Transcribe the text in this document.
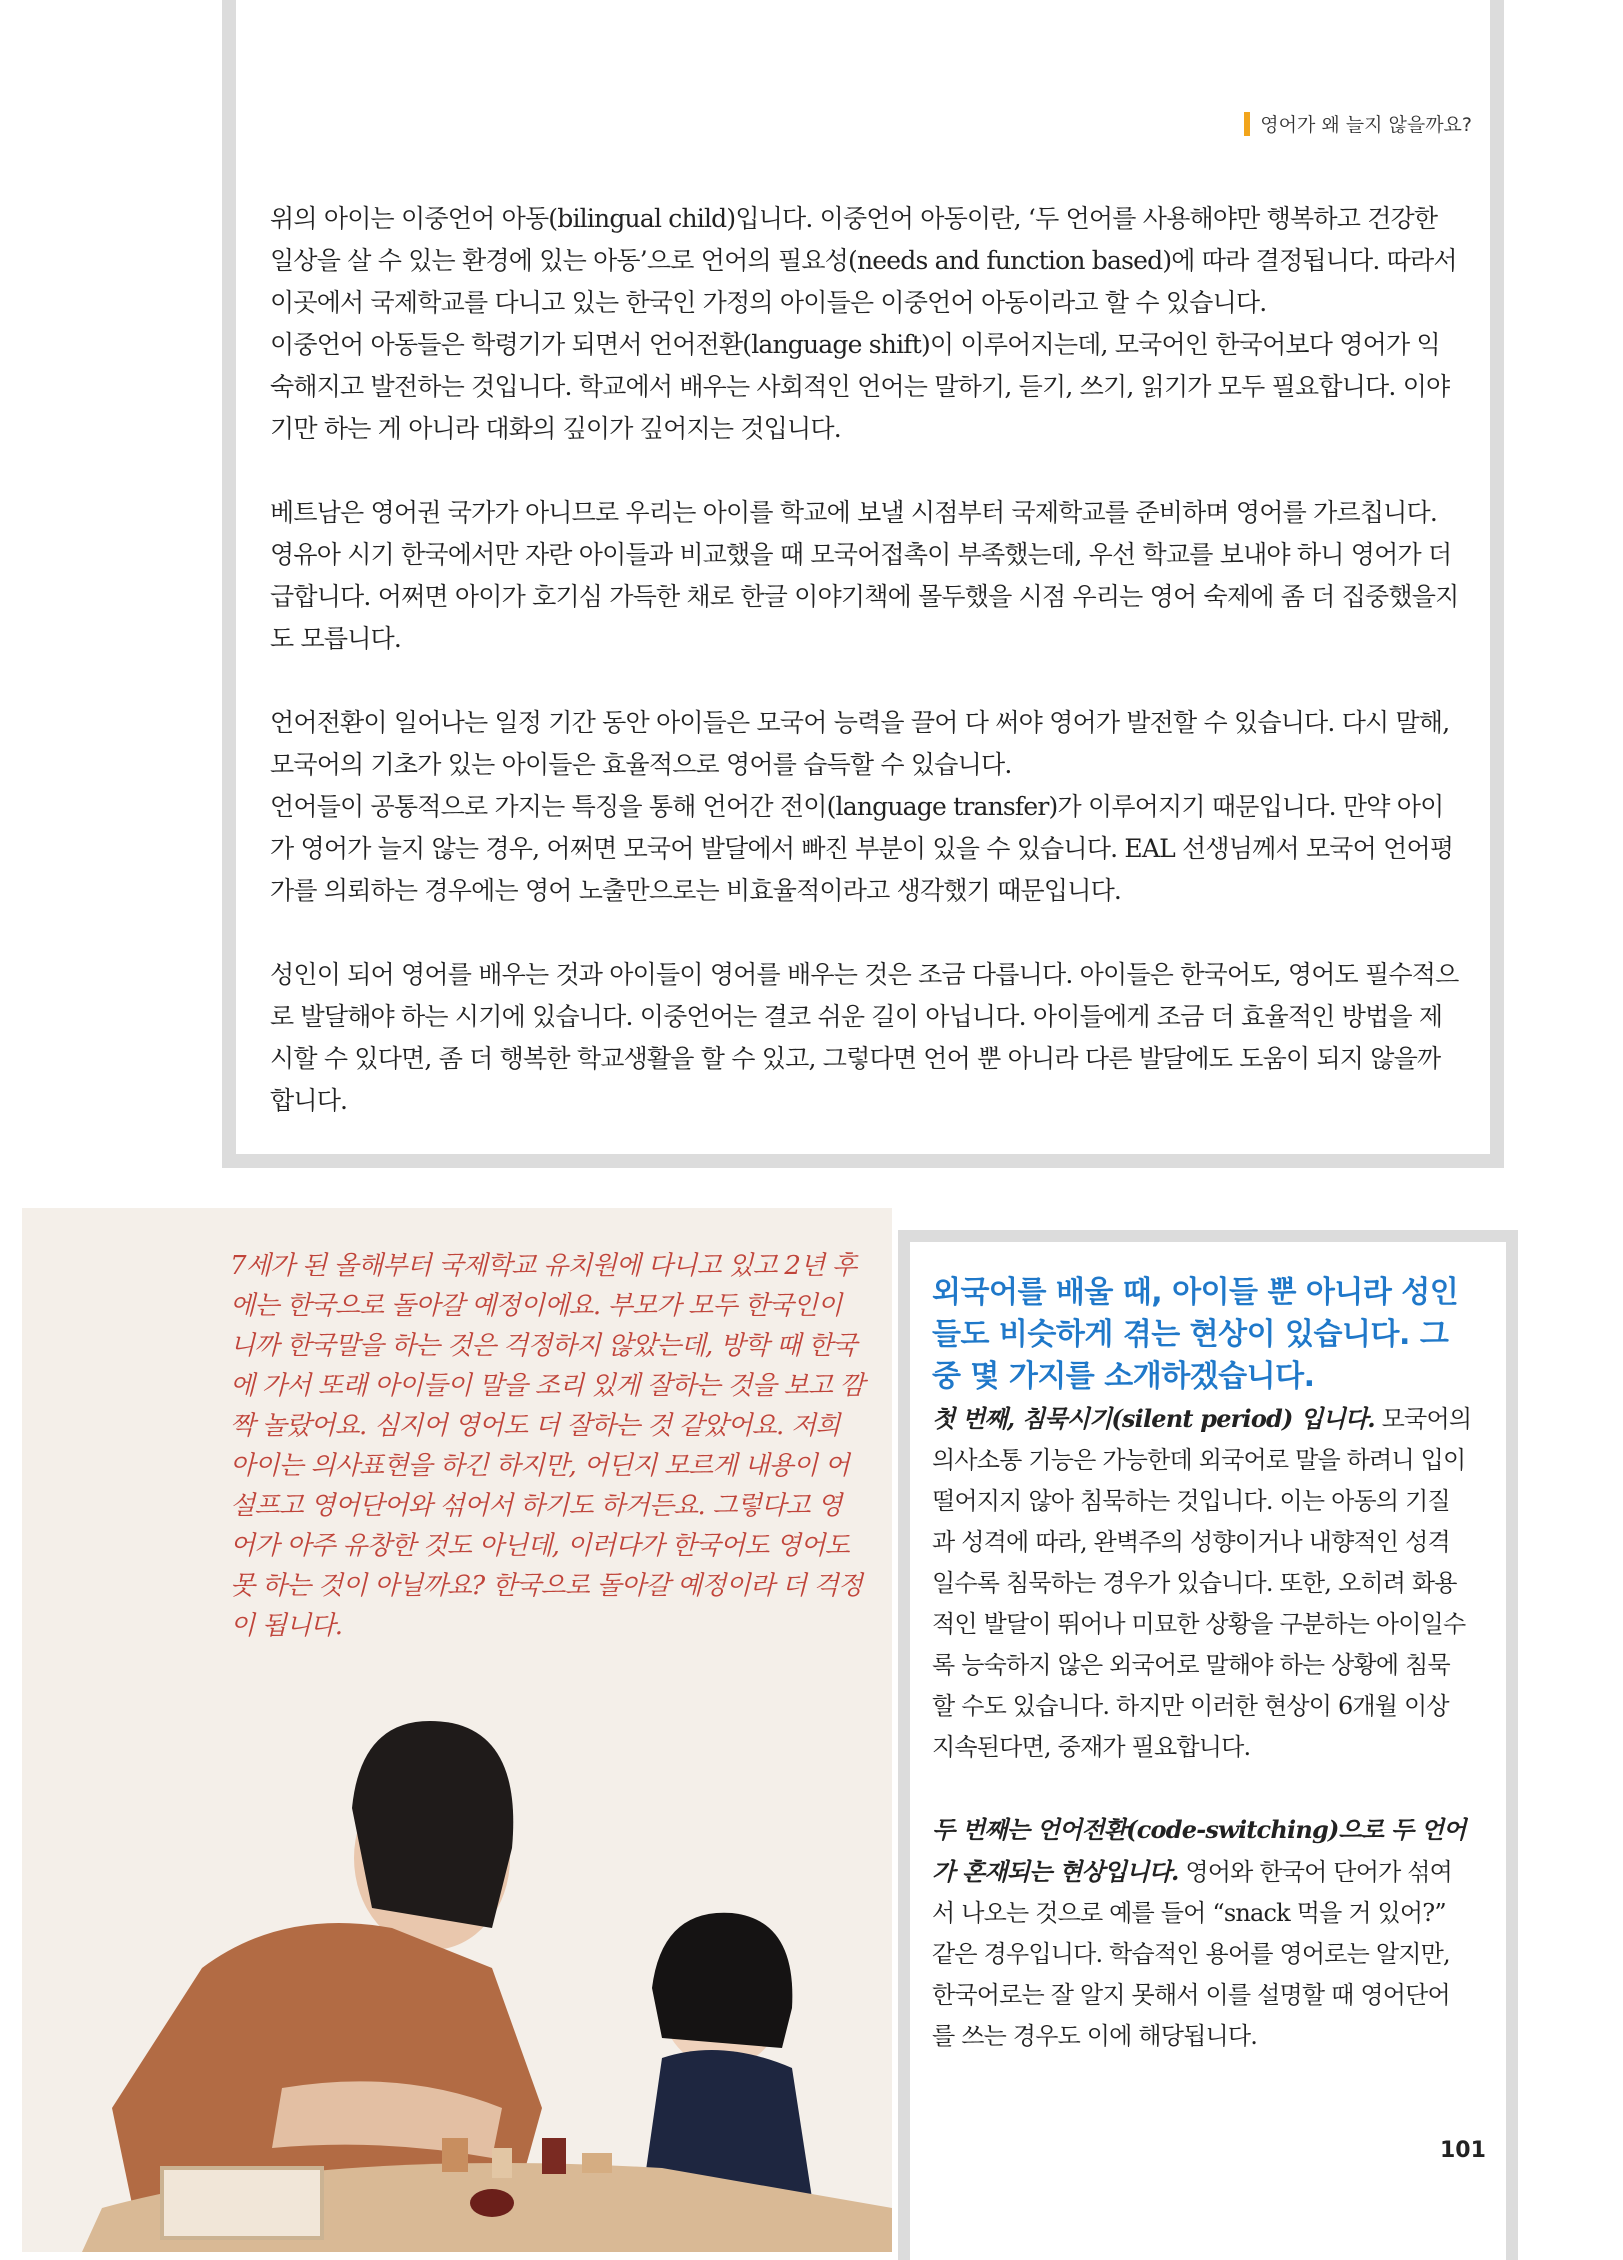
영어가 왜 늘지 않을까요?

위의 아이는 이중언어 아동(bilingual child)입니다. 이중언어 아동이란, ‘두 언어를 사용해야만 행복하고 건강한 일상을 살 수 있는 환경에 있는 아동’으로 언어의 필요성(needs and function based)에 따라 결정됩니다. 따라서 이곳에서 국제학교를 다니고 있는 한국인 가정의 아이들은 이중언어 아동이라고 할 수 있습니다.

이중언어 아동들은 학령기가 되면서 언어전환(language shift)이 이루어지는데, 모국어인 한국어보다 영어가 익숙해지고 발전하는 것입니다. 학교에서 배우는 사회적인 언어는 말하기, 듣기, 쓰기, 읽기가 모두 필요합니다. 이야기만 하는 게 아니라 대화의 깊이가 깊어지는 것입니다.

베트남은 영어권 국가가 아니므로 우리는 아이를 학교에 보낼 시점부터 국제학교를 준비하며 영어를 가르칩니다. 영유아 시기 한국에서만 자란 아이들과 비교했을 때 모국어접촉이 부족했는데, 우선 학교를 보내야 하니 영어가 더 급합니다. 어쩌면 아이가 호기심 가득한 채로 한글 이야기책에 몰두했을 시점 우리는 영어 숙제에 좀 더 집중했을지도 모릅니다.

언어전환이 일어나는 일정 기간 동안 아이들은 모국어 능력을 끌어 다 써야 영어가 발전할 수 있습니다. 다시 말해, 모국어의 기초가 있는 아이들은 효율적으로 영어를 습득할 수 있습니다.

언어들이 공통적으로 가지는 특징을 통해 언어간 전이(language transfer)가 이루어지기 때문입니다. 만약 아이가 영어가 늘지 않는 경우, 어쩌면 모국어 발달에서 빠진 부분이 있을 수 있습니다. EAL 선생님께서 모국어 언어평가를 의뢰하는 경우에는 영어 노출만으로는 비효율적이라고 생각했기 때문입니다.

성인이 되어 영어를 배우는 것과 아이들이 영어를 배우는 것은 조금 다릅니다. 아이들은 한국어도, 영어도 필수적으로 발달해야 하는 시기에 있습니다. 이중언어는 결코 쉬운 길이 아닙니다. 아이들에게 조금 더 효율적인 방법을 제시할 수 있다면, 좀 더 행복한 학교생활을 할 수 있고, 그렇다면 언어 뿐 아니라 다른 발달에도 도움이 되지 않을까 합니다.

7세가 된 올해부터 국제학교 유치원에 다니고 있고 2년 후에는 한국으로 돌아갈 예정이에요. 부모가 모두 한국인이니까 한국말을 하는 것은 걱정하지 않았는데, 방학 때 한국에 가서 또래 아이들이 말을 조리 있게 잘하는 것을 보고 깜짝 놀랐어요. 심지어 영어도 더 잘하는 것 같았어요. 저희 아이는 의사표현을 하긴 하지만, 어딘지 모르게 내용이 어설프고 영어단어와 섞어서 하기도 하거든요. 그렇다고 영어가 아주 유창한 것도 아닌데, 이러다가 한국어도 영어도 못 하는 것이 아닐까요? 한국으로 돌아갈 예정이라 더 걱정이 됩니다.
외국어를 배울 때, 아이들 뿐 아니라 성인들도 비슷하게 겪는 현상이 있습니다. 그 중 몇 가지를 소개하겠습니다.

첫 번째, 침묵시기(silent period) 입니다. 모국어의 의사소통 기능은 가능한데 외국어로 말을 하려니 입이 떨어지지 않아 침묵하는 것입니다. 이는 아동의 기질과 성격에 따라, 완벽주의 성향이거나 내향적인 성격일수록 침묵하는 경우가 있습니다. 또한, 오히려 화용적인 발달이 뛰어나 미묘한 상황을 구분하는 아이일수록 능숙하지 않은 외국어로 말해야 하는 상황에 침묵할 수도 있습니다. 하지만 이러한 현상이 6개월 이상 지속된다면, 중재가 필요합니다.

두 번째는 언어전환(code-switching)으로 두 언어가 혼재되는 현상입니다. 영어와 한국어 단어가 섞여서 나오는 것으로 예를 들어 “snack 먹을 거 있어?” 같은 경우입니다. 학습적인 용어를 영어로는 알지만, 한국어로는 잘 알지 못해서 이를 설명할 때 영어단어를 쓰는 경우도 이에 해당됩니다.

101
